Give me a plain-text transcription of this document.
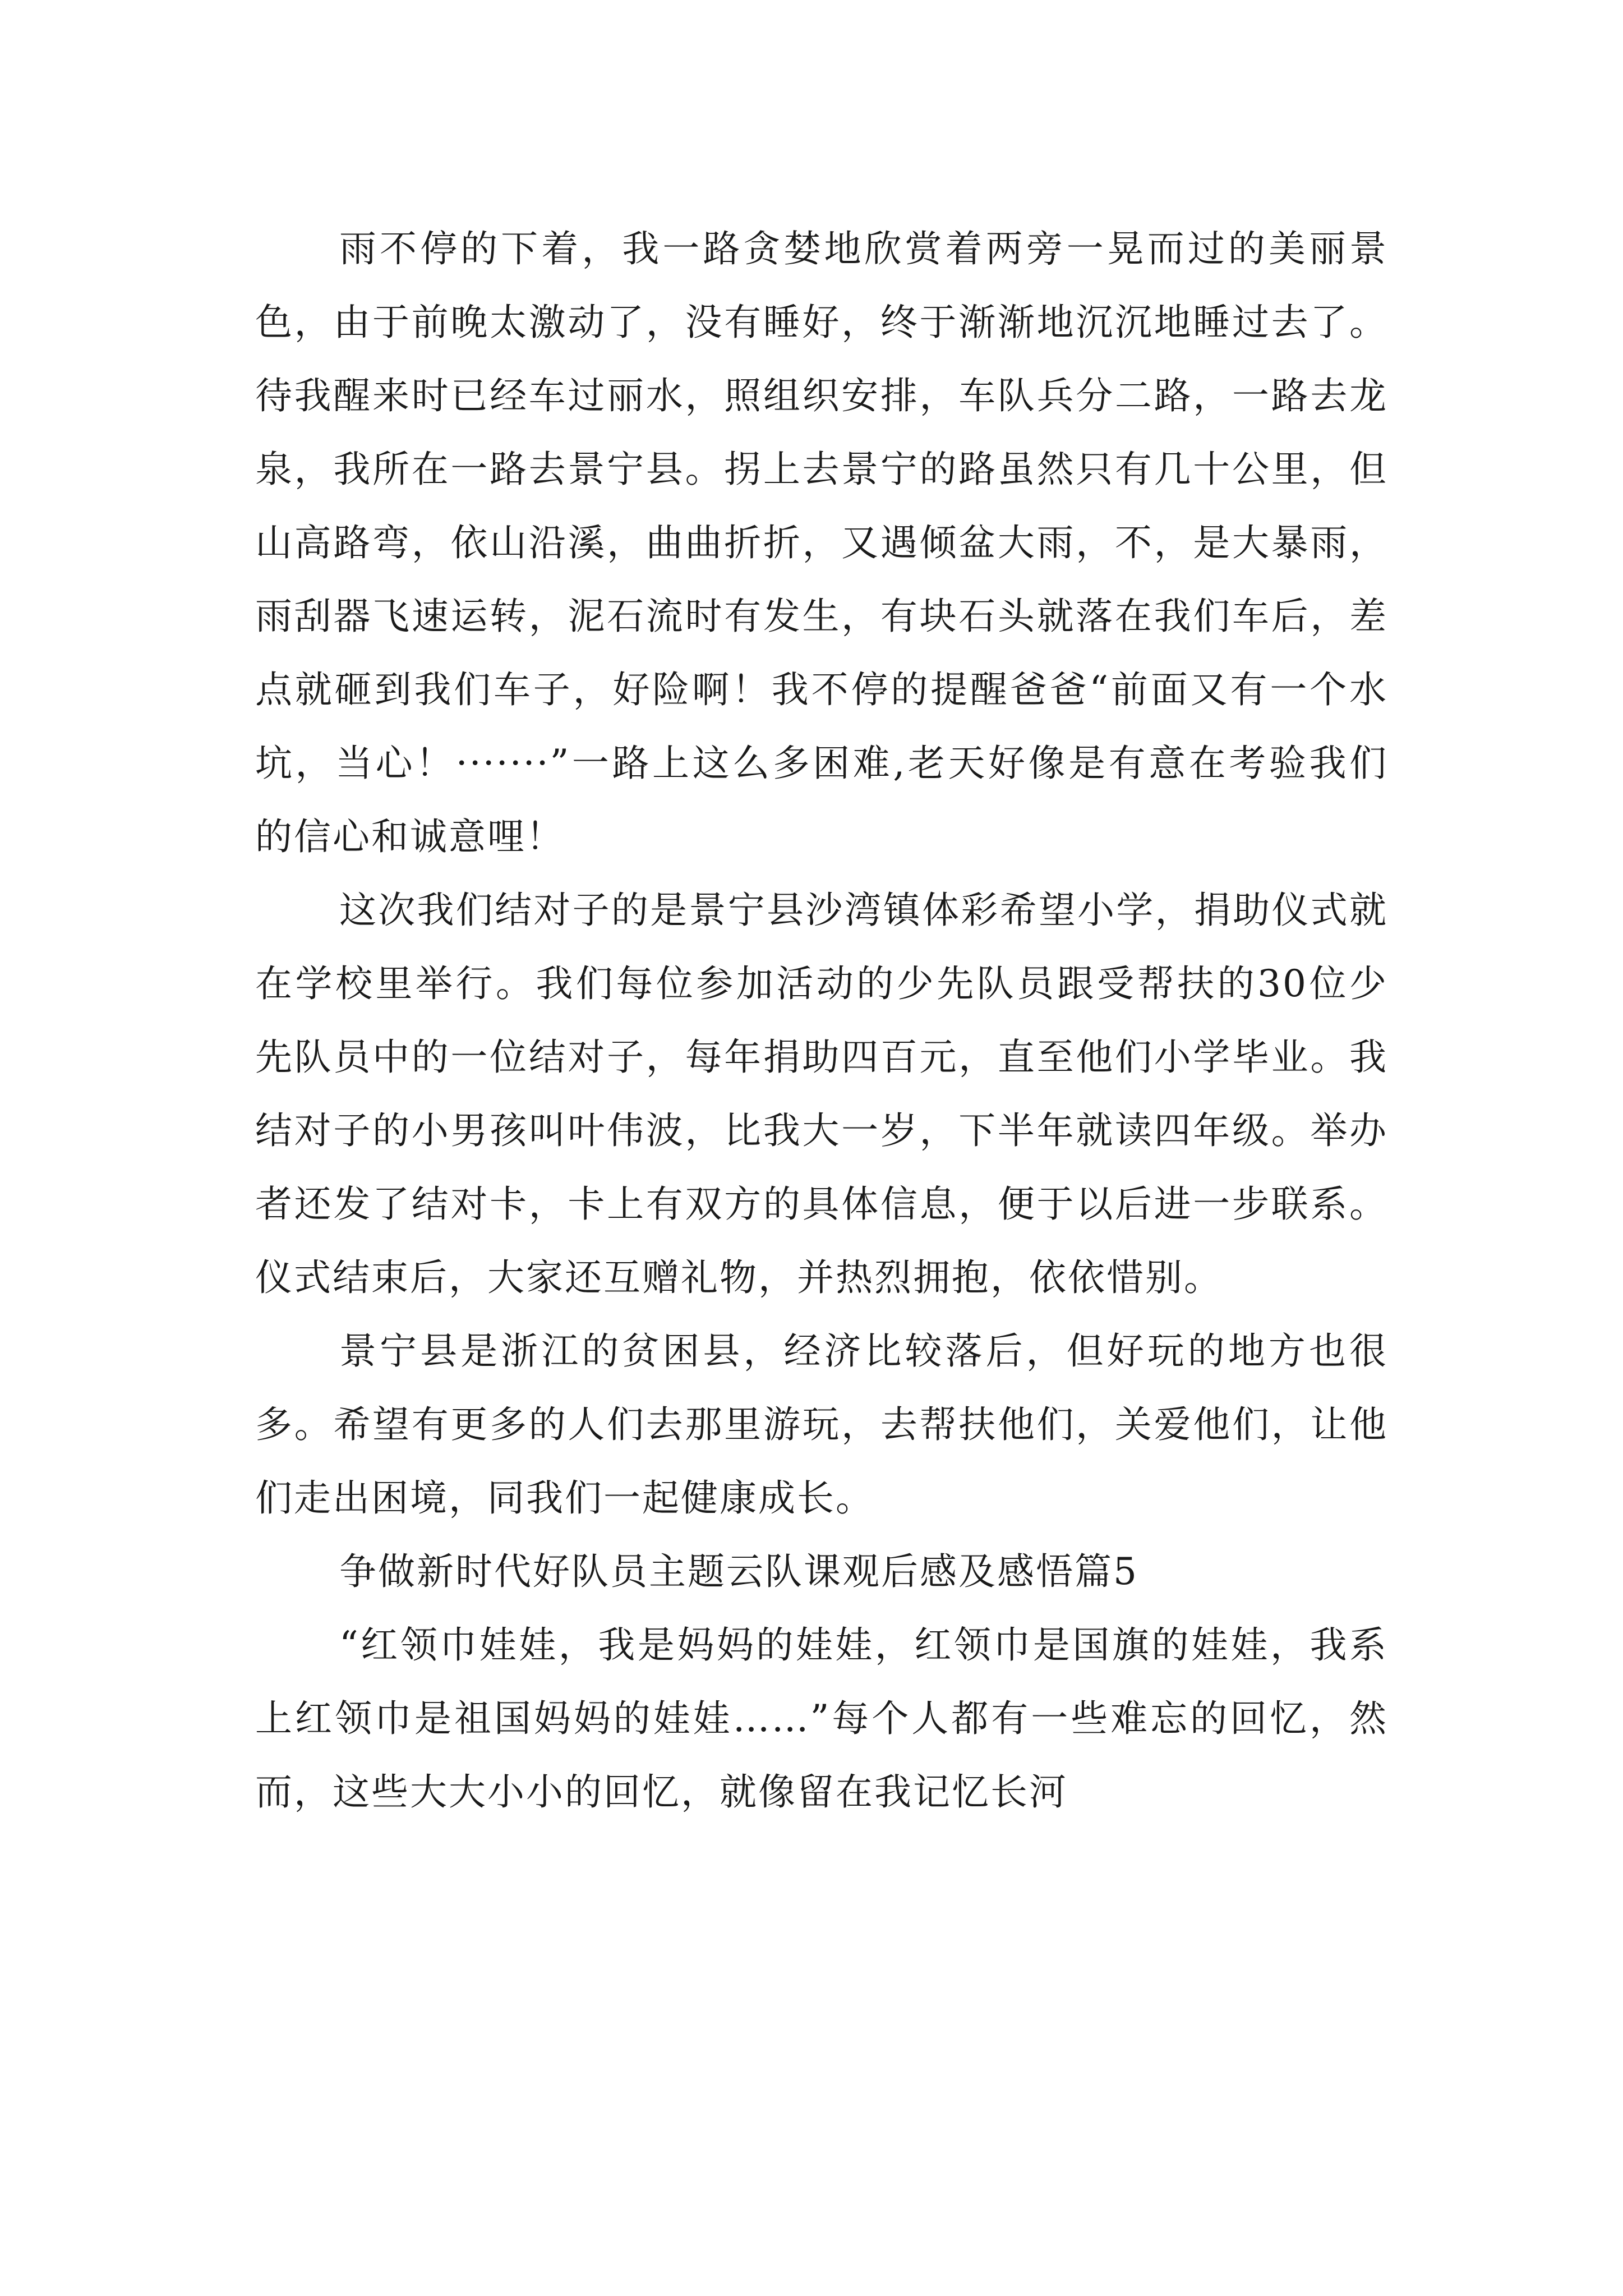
雨不停的下着，我一路贪婪地欣赏着两旁一晃而过的美丽景色，由于前晚太激动了，没有睡好，终于渐渐地沉沉地睡过去了。待我醒来时已经车过丽水，照组织安排，车队兵分二路，一路去龙泉，我所在一路去景宁县。拐上去景宁的路虽然只有几十公里，但山高路弯，依山沿溪，曲曲折折，又遇倾盆大雨，不，是大暴雨，雨刮器飞速运转，泥石流时有发生，有块石头就落在我们车后，差点就砸到我们车子，好险啊！我不停的提醒爸爸“前面又有一个水坑，当心！·······”一路上这么多困难,老天好像是有意在考验我们的信心和诚意哩！

这次我们结对子的是景宁县沙湾镇体彩希望小学，捐助仪式就在学校里举行。我们每位参加活动的少先队员跟受帮扶的30位少先队员中的一位结对子，每年捐助四百元，直至他们小学毕业。我结对子的小男孩叫叶伟波，比我大一岁，下半年就读四年级。举办者还发了结对卡，卡上有双方的具体信息，便于以后进一步联系。仪式结束后，大家还互赠礼物，并热烈拥抱，依依惜别。

景宁县是浙江的贫困县，经济比较落后，但好玩的地方也很多。希望有更多的人们去那里游玩，去帮扶他们，关爱他们，让他们走出困境，同我们一起健康成长。

争做新时代好队员主题云队课观后感及感悟篇5

“红领巾娃娃，我是妈妈的娃娃，红领巾是国旗的娃娃，我系上红领巾是祖国妈妈的娃娃……”每个人都有一些难忘的回忆，然而，这些大大小小的回忆，就像留在我记忆长河
